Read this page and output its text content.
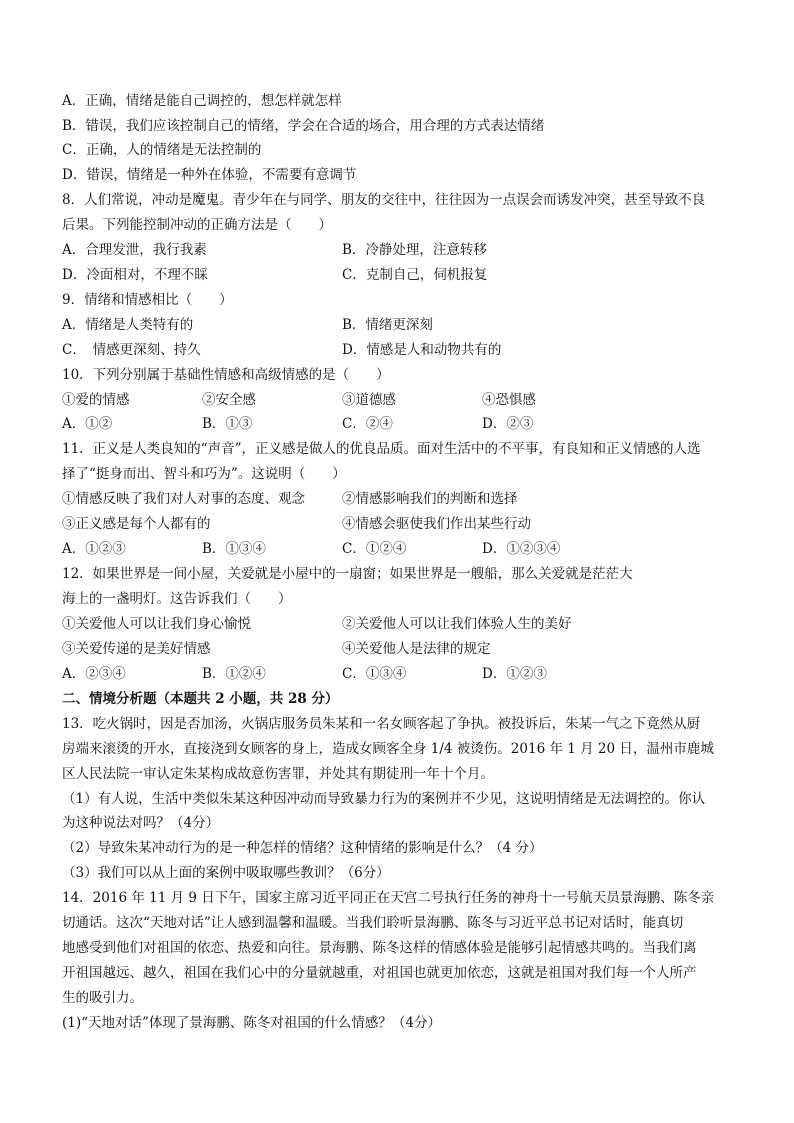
A．正确，情绪是能自己调控的，想怎样就怎样
B．错误，我们应该控制自己的情绪，学会在合适的场合，用合理的方式表达情绪
C．正确，人的情绪是无法控制的
D．错误，情绪是一种外在体验，不需要有意调节
8．人们常说，冲动是魔鬼。青少年在与同学、朋友的交往中，往往因为一点误会而诱发冲突，甚至导致不良
后果。下列能控制冲动的正确方法是（　　）
A．合理发泄，我行我素	B．冷静处理，注意转移
D．冷面相对，不理不睬	C．克制自己，伺机报复
9．情绪和情感相比（　　）
A．情绪是人类特有的	B．情绪更深刻
C．　情感更深刻、持久	D．情感是人和动物共有的
10．下列分别属于基础性情感和高级情感的是（　　）
①爱的情感	②安全感	③道德感	④恐惧感
A．①②	B．①③	C．②④	D．②③
11．正义是人类良知的“声音”，正义感是做人的优良品质。面对生活中的不平事，有良知和正义情感的人选
择了“挺身而出、智斗和巧为”。这说明（　　）
①情感反映了我们对人对事的态度、观念	②情感影响我们的判断和选择
③正义感是每个人都有的	④情感会驱使我们作出某些行动
A．①②③	B．①③④	C．①②④	D．①②③④
12．如果世界是一间小屋，关爱就是小屋中的一扇窗；如果世界是一艘船，那么关爱就是茫茫大
海上的一盏明灯。这告诉我们（　　）
①关爱他人可以让我们身心愉悦	②关爱他人可以让我们体验人生的美好
③关爱传递的是美好情感	④关爱他人是法律的规定
A．②③④	B．①②④	C．①③④	D．①②③
二、情境分析题（本题共 2 小题，共 28 分）
13．吃火锅时，因是否加汤，火锅店服务员朱某和一名女顾客起了争执。被投诉后，朱某一气之下竟然从厨
房端来滚烫的开水，直接浇到女顾客的身上，造成女顾客全身 1/4 被烫伤。2016 年 1 月 20 日，温州市鹿城
区人民法院一审认定朱某构成故意伤害罪，并处其有期徒刑一年十个月。
（1）有人说，生活中类似朱某这种因冲动而导致暴力行为的案例并不少见，这说明情绪是无法调控的。你认
为这种说法对吗？（4分）
（2）导致朱某冲动行为的是一种怎样的情绪？这种情绪的影响是什么？（4 分）
（3）我们可以从上面的案例中吸取哪些教训？（6分）
14．2016 年 11 月 9 日下午，国家主席习近平同正在天宫二号执行任务的神舟十一号航天员景海鹏、陈冬亲
切通话。这次“天地对话”让人感到温馨和温暖。当我们聆听景海鹏、陈冬与习近平总书记对话时，能真切
地感受到他们对祖国的依恋、热爱和向往。景海鹏、陈冬这样的情感体验是能够引起情感共鸣的。当我们离
开祖国越远、越久，祖国在我们心中的分量就越重，对祖国也就更加依恋，这就是祖国对我们每一个人所产
生的吸引力。
(1)“天地对话”体现了景海鹏、陈冬对祖国的什么情感？（4分）
